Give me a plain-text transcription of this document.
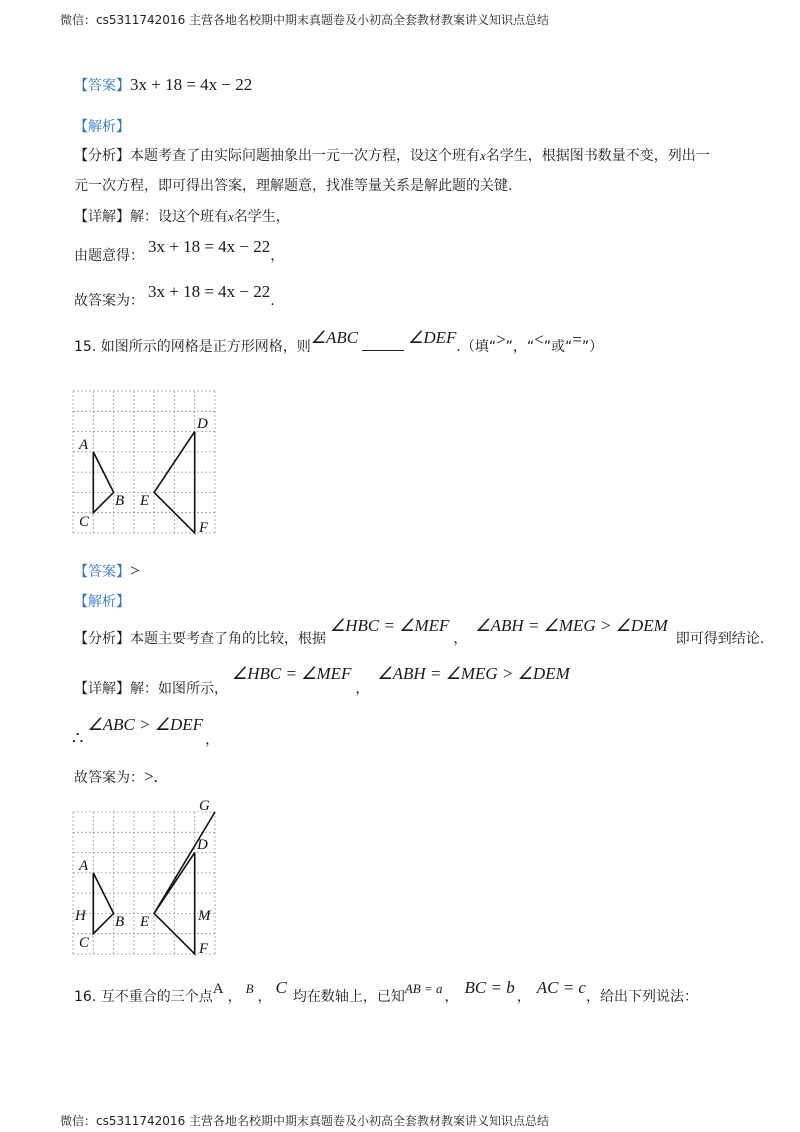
微信：cs5311742016 主营各地名校期中期末真题卷及小初高全套教材教案讲义知识点总结
微信：cs5311742016 主营各地名校期中期末真题卷及小初高全套教材教案讲义知识点总结
【答案】3x + 18 = 4x − 22
【解析】
【分析】本题考查了由实际问题抽象出一元一次方程，设这个班有x名学生，根据图书数量不变，列出一
元一次方程，即可得出答案，理解题意，找准等量关系是解此题的关键.
【详解】解：设这个班有x名学生，
由题意得： 3x + 18 = 4x − 22，
故答案为： 3x + 18 = 4x − 22.
15. 如图所示的网格是正方形网格，则∠ABC	∠DEF.（填“>”，“<”或“=”）
A
B
C
D
E
F
【答案】>
【解析】
【分析】本题主要考查了角的比较，根据∠HBC = ∠MEF，∠ABH = ∠MEG > ∠DEM即可得到结论.
【详解】解：如图所示，∠HBC = ∠MEF，∠ABH = ∠MEG > ∠DEM
∴∠ABC > ∠DEF，
故答案为：>.
G
A
H B
C
D
E	M
F
16. 互不重合的三个点A ，B， C 均在数轴上，已知AB = a， BC = b ， AC = c，给出下列说法：
